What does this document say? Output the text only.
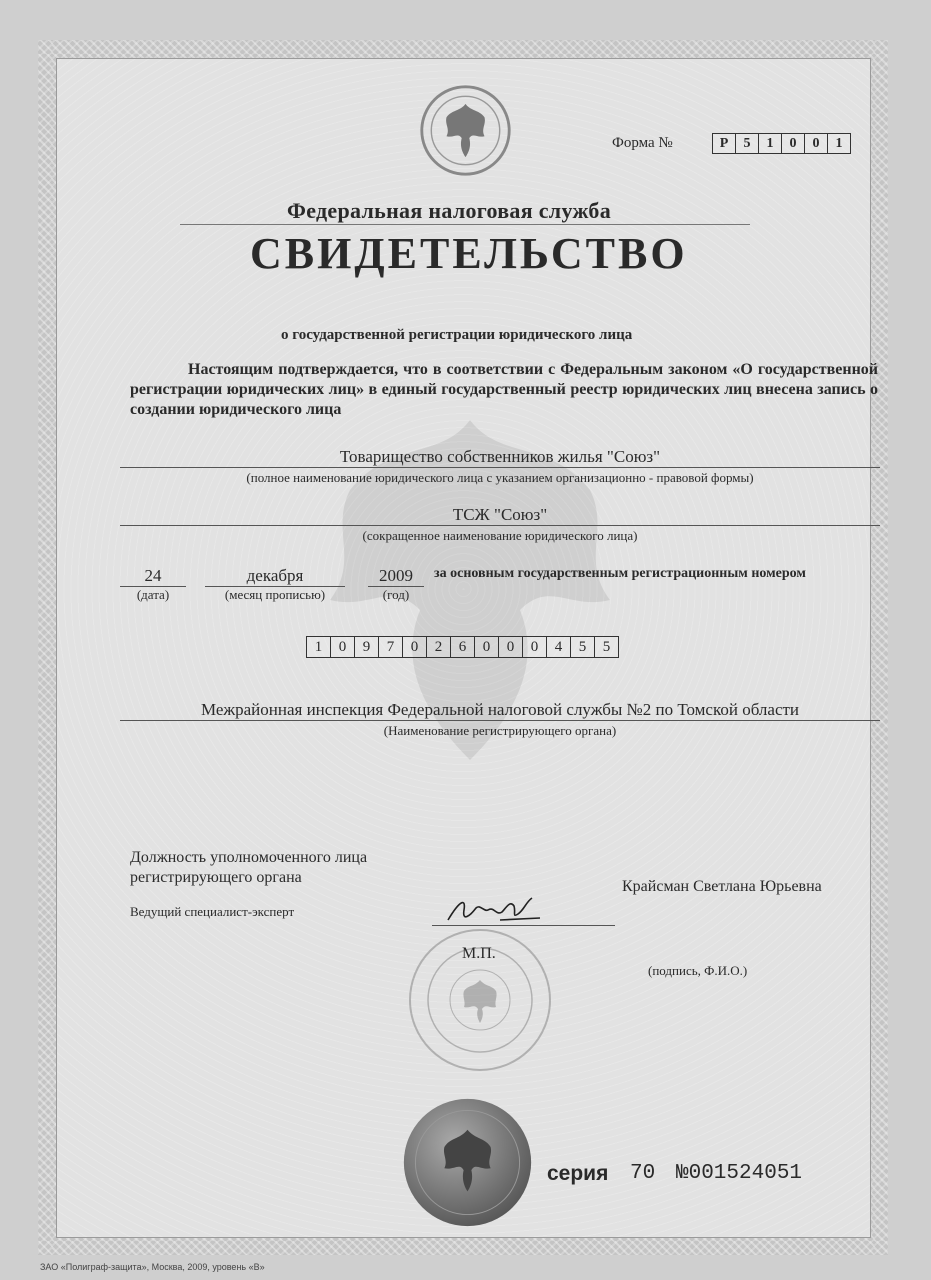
Форма №	Р	5	1	0	0	1
Федеральная налоговая служба
СВИДЕТЕЛЬСТВО
о государственной регистрации юридического лица
Настоящим подтверждается, что в соответствии с Федеральным законом «О государственной регистрации юридических лиц» в единый государственный реестр юридических лиц внесена запись о создании юридического лица
Товарищество собственников жилья "Союз"
(полное наименование юридического лица с указанием организационно - правовой формы)
ТСЖ "Союз"
(сокращенное наименование юридического лица)
24
(дата)
декабря
(месяц прописью)
2009
(год)
за основным государственным регистрационным номером
1	0	9	7	0	2	6	0	0	0	4	5	5
Межрайонная инспекция Федеральной налоговой службы №2 по Томской области
(Наименование регистрирующего органа)
Должность уполномоченного лица регистрирующего органа
Ведущий специалист-эксперт
Крайсман Светлана Юрьевна
М.П.
(подпись, Ф.И.О.)
серия 70 №001524051
ЗАО «Полиграф-защита», Москва, 2009, уровень «В»
